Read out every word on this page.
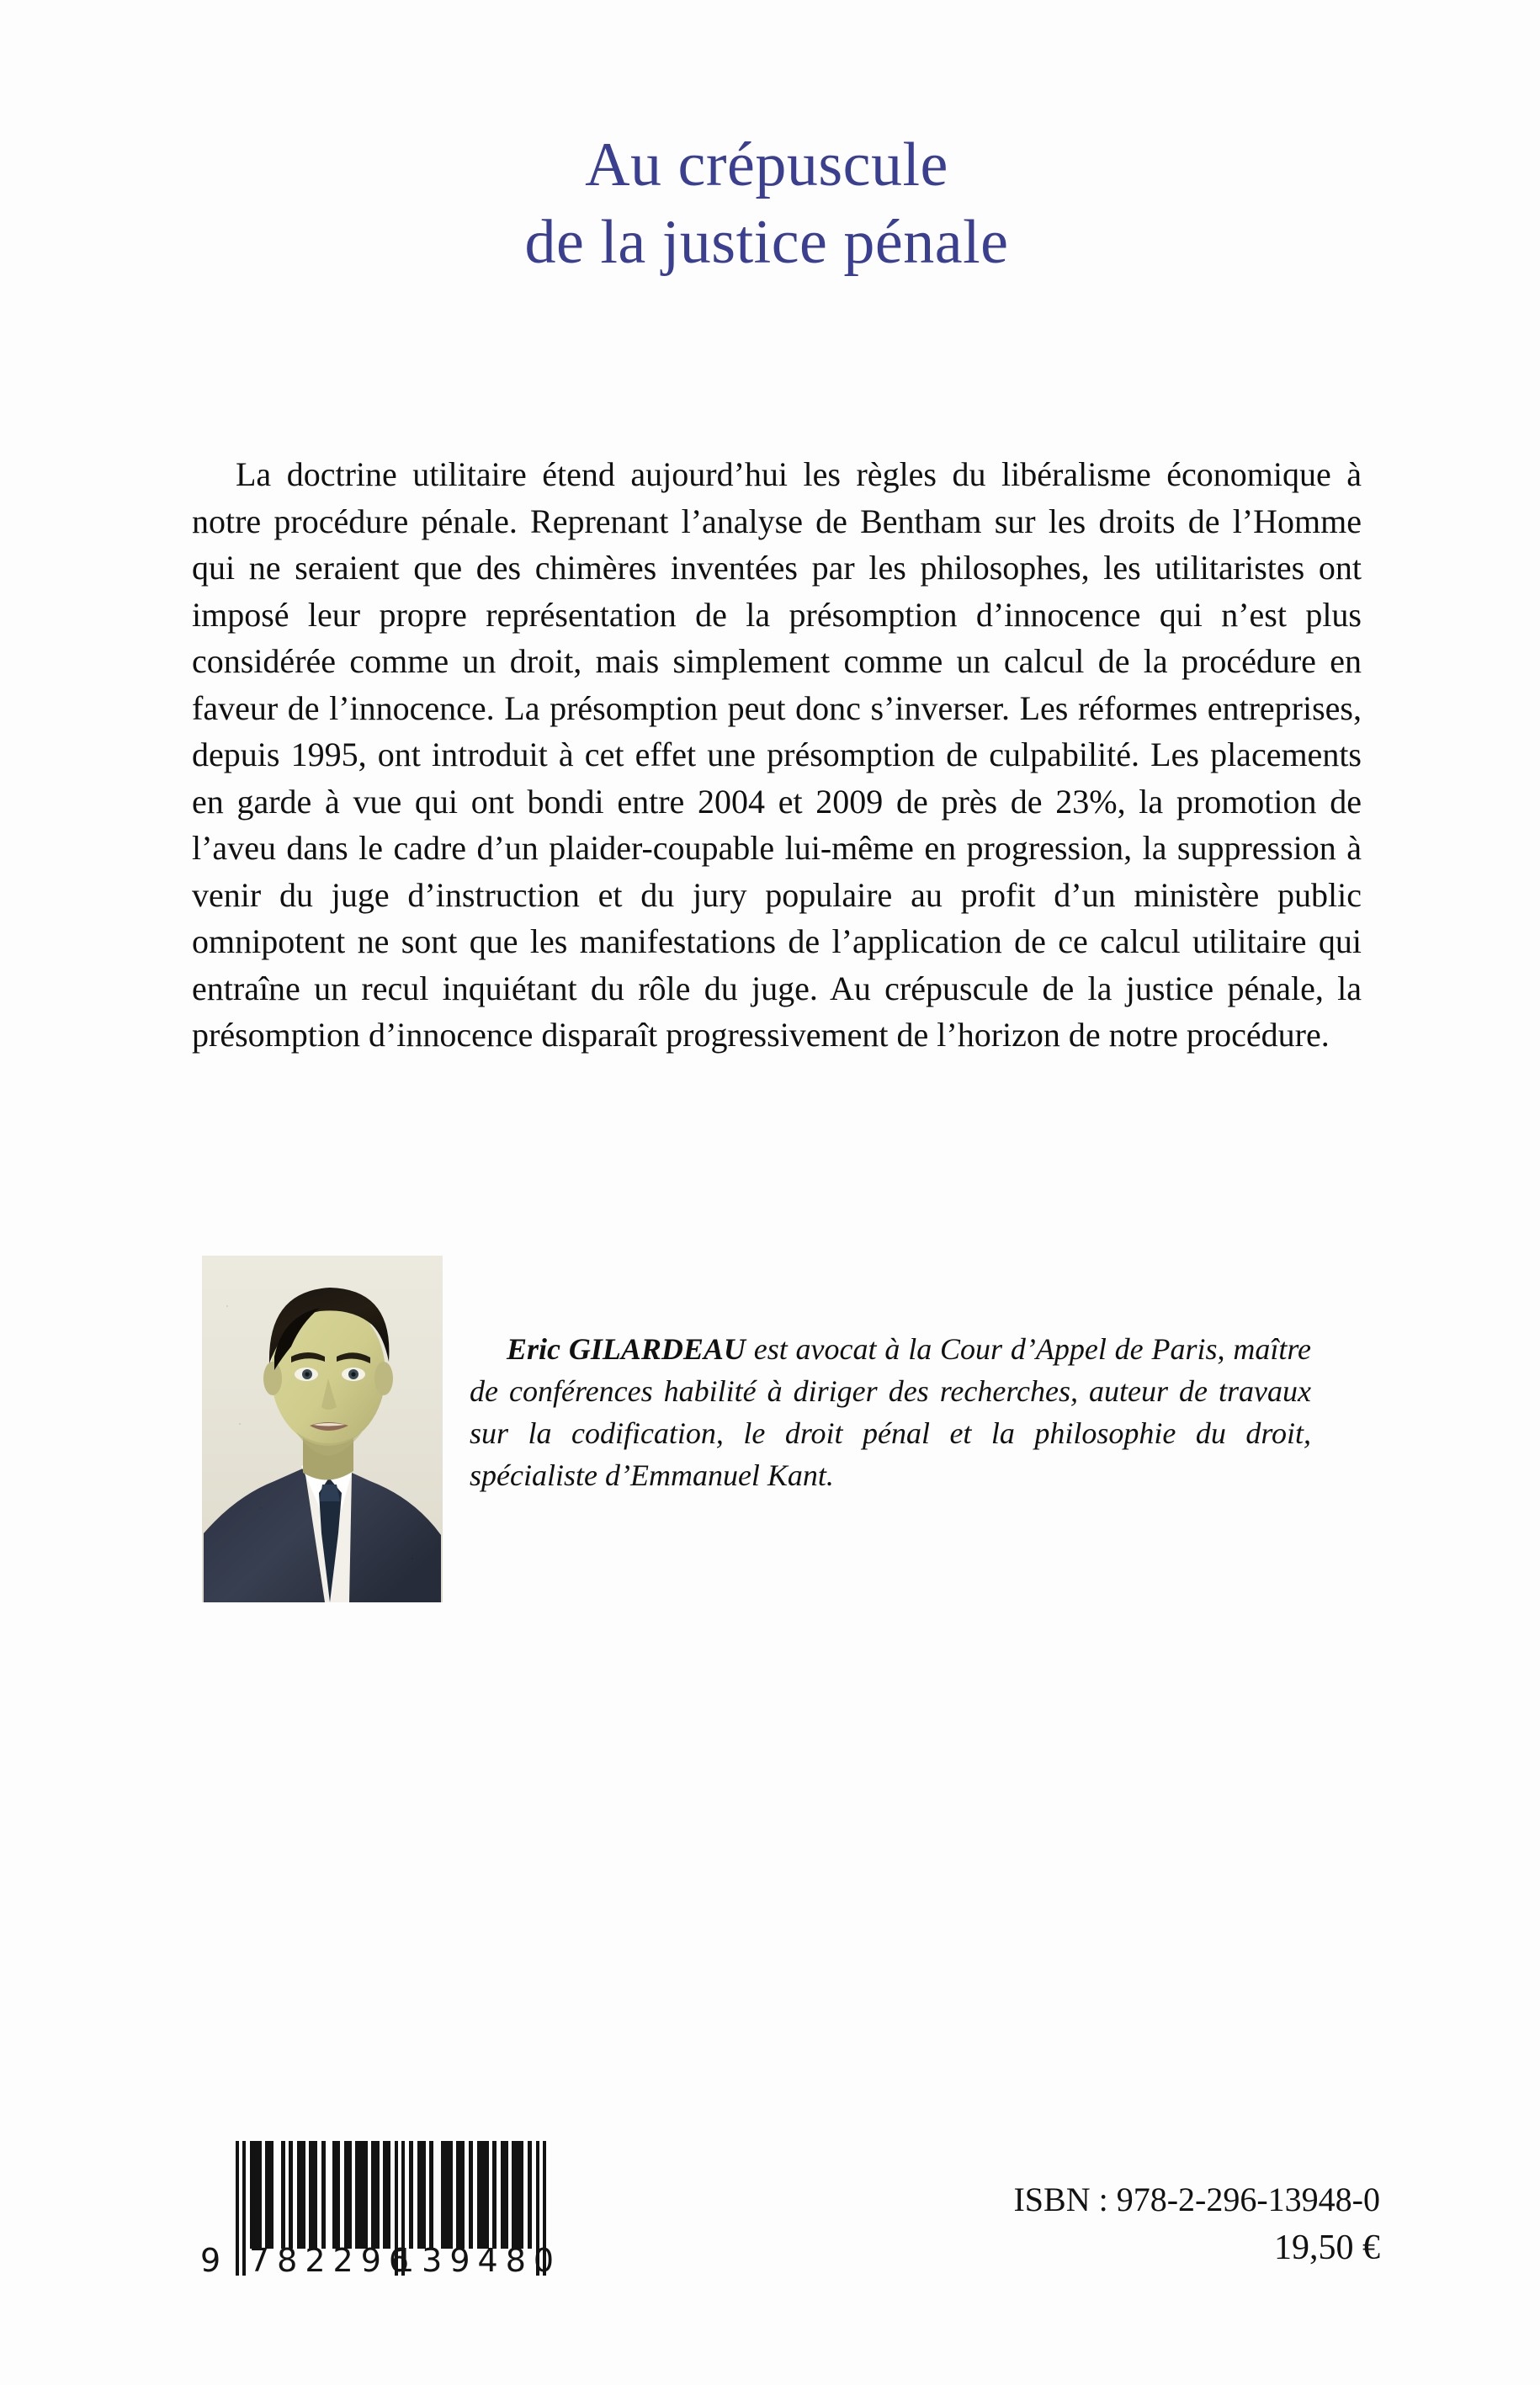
Au crépuscule
de la justice pénale
La doctrine utilitaire étend aujourd’hui les règles du libéralisme économique à notre procédure pénale. Reprenant l’analyse de Bentham sur les droits de l’Homme qui ne seraient que des chimères inventées par les philosophes, les utilitaristes ont imposé leur propre représentation de la présomption d’innocence qui n’est plus considérée comme un droit, mais simplement comme un calcul de la procédure en faveur de l’innocence. La présomption peut donc s’inverser. Les réformes entreprises, depuis 1995, ont introduit à cet effet une présomption de culpabilité. Les placements en garde à vue qui ont bondi entre 2004 et 2009 de près de 23%, la promotion de l’aveu dans le cadre d’un plaider-coupable lui-même en progression, la suppression à venir du juge d’instruction et du jury populaire au profit d’un ministère public omnipotent ne sont que les manifestations de l’application de ce calcul utilitaire qui entraîne un recul inquiétant du rôle du juge. Au crépuscule de la justice pénale, la présomption d’innocence disparaît progressivement de l’horizon de notre procédure.
Eric GILARDEAU est avocat à la Cour d’Appel de Paris, maître de conférences habilité à diriger des recherches, auteur de travaux sur la codification, le droit pénal et la philosophie du droit, spécialiste d’Emmanuel Kant.
9 782296
139480
ISBN : 978-2-296-13948-0
19,50 €
